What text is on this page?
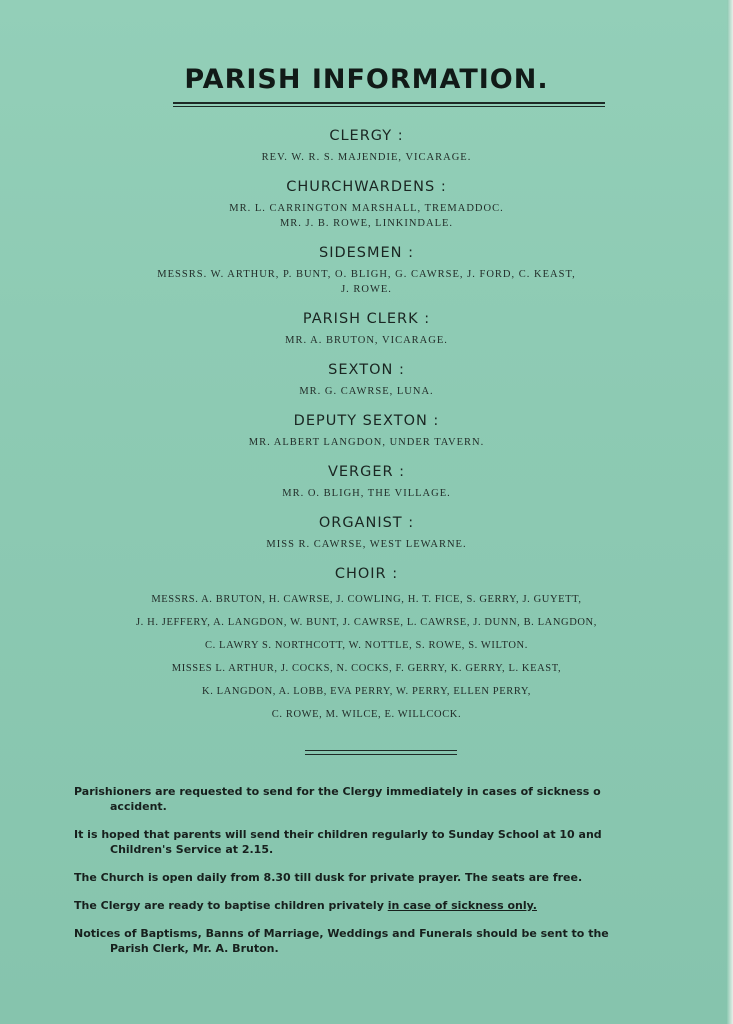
PARISH INFORMATION.
CLERGY :
REV. W. R. S. MAJENDIE, VICARAGE.
CHURCHWARDENS :
MR. L. CARRINGTON MARSHALL, TREMADDOC.
MR. J. B. ROWE, LINKINDALE.
SIDESMEN :
MESSRS. W. ARTHUR, P. BUNT, O. BLIGH, G. CAWRSE, J. FORD, C. KEAST,
J. ROWE.
PARISH CLERK :
MR. A. BRUTON, VICARAGE.
SEXTON :
MR. G. CAWRSE, LUNA.
DEPUTY SEXTON :
MR. ALBERT LANGDON, UNDER TAVERN.
VERGER :
MR. O. BLIGH, THE VILLAGE.
ORGANIST :
MISS R. CAWRSE, WEST LEWARNE.
CHOIR :
MESSRS. A. BRUTON, H. CAWRSE, J. COWLING, H. T. FICE, S. GERRY, J. GUYETT,
J. H. JEFFERY, A. LANGDON, W. BUNT, J. CAWRSE, L. CAWRSE, J. DUNN, B. LANGDON,
C. LAWRY S. NORTHCOTT, W. NOTTLE, S. ROWE, S. WILTON.
MISSES L. ARTHUR, J. COCKS, N. COCKS, F. GERRY, K. GERRY, L. KEAST,
K. LANGDON, A. LOBB, EVA PERRY, W. PERRY, ELLEN PERRY,
C. ROWE, M. WILCE, E. WILLCOCK.
Parishioners are requested to send for the Clergy immediately in cases of sickness o
accident.
It is hoped that parents will send their children regularly to Sunday School at 10 and
Children's Service at 2.15.
The Church is open daily from 8.30 till dusk for private prayer. The seats are free.
The Clergy are ready to baptise children privately in case of sickness only.
Notices of Baptisms, Banns of Marriage, Weddings and Funerals should be sent to the
Parish Clerk, Mr. A. Bruton.
